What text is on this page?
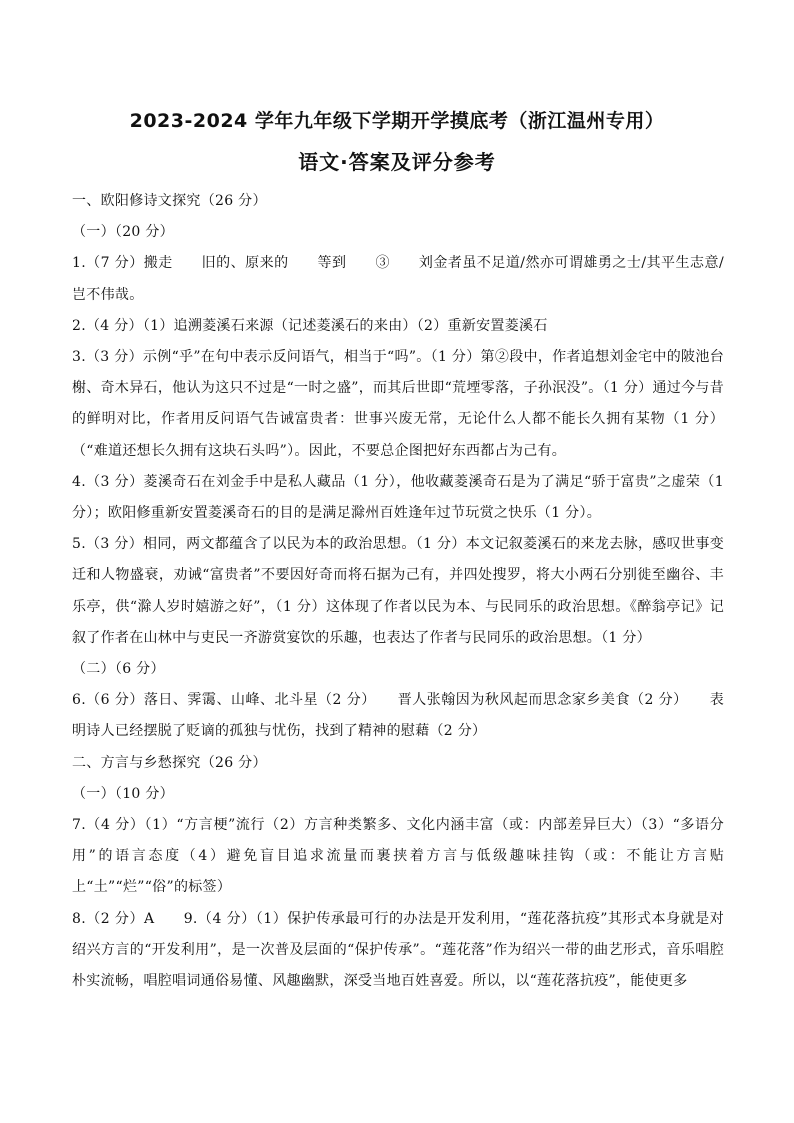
2023-2024 学年九年级下学期开学摸底考（浙江温州专用）
语文·答案及评分参考

一、欧阳修诗文探究（26 分）

（一）（20 分）

1.（7 分）搬走　　旧的、原来的　　等到　　③　　刘金者虽不足道/然亦可谓雄勇之士/其平生志意/岂不伟哉。

2.（4 分）（1）追溯菱溪石来源（记述菱溪石的来由）（2）重新安置菱溪石

3.（3 分）示例“乎”在句中表示反问语气，相当于“吗”。（1 分）第②段中，作者追想刘金宅中的陂池台榭、奇木异石，他认为这只不过是“一时之盛”，而其后世即“荒堙零落，子孙泯没”。（1 分）通过今与昔的鲜明对比，作者用反问语气告诫富贵者：世事兴废无常，无论什么人都不能长久拥有某物（1 分）（“难道还想长久拥有这块石头吗”）。因此，不要总企图把好东西都占为己有。

4.（3 分）菱溪奇石在刘金手中是私人藏品（1 分），他收藏菱溪奇石是为了满足“骄于富贵”之虚荣（1 分）；欧阳修重新安置菱溪奇石的目的是满足滁州百姓逢年过节玩赏之快乐（1 分）。

5.（3 分）相同，两文都蕴含了以民为本的政治思想。（1 分）本文记叙菱溪石的来龙去脉，感叹世事变迁和人物盛衰，劝诫“富贵者”不要因好奇而将石据为己有，并四处搜罗，将大小两石分别徙至幽谷、丰乐亭，供“滁人岁时嬉游之好”，（1 分）这体现了作者以民为本、与民同乐的政治思想。《醉翁亭记》记叙了作者在山林中与吏民一齐游赏宴饮的乐趣，也表达了作者与民同乐的政治思想。（1 分）

（二）（6 分）

6.（6 分）落日、霁霭、山峰、北斗星（2 分）　　晋人张翰因为秋风起而思念家乡美食（2 分）　　表明诗人已经摆脱了贬谪的孤独与忧伤，找到了精神的慰藉（2 分）

二、方言与乡愁探究（26 分）

（一）（10 分）

7.（4 分）（1）“方言梗”流行（2）方言种类繁多、文化内涵丰富（或：内部差异巨大）（3）“多语分用”的语言态度（4）避免盲目追求流量而裹挟着方言与低级趣味挂钩（或：不能让方言贴上“土”“烂”“俗”的标签）

8.（2 分）A　　9.（4 分）（1）保护传承最可行的办法是开发利用，“莲花落抗疫”其形式本身就是对绍兴方言的“开发利用”，是一次普及层面的“保护传承”。“莲花落”作为绍兴一带的曲艺形式，音乐唱腔朴实流畅，唱腔唱词通俗易懂、风趣幽默，深受当地百姓喜爱。所以，以“莲花落抗疫”，能使更多
